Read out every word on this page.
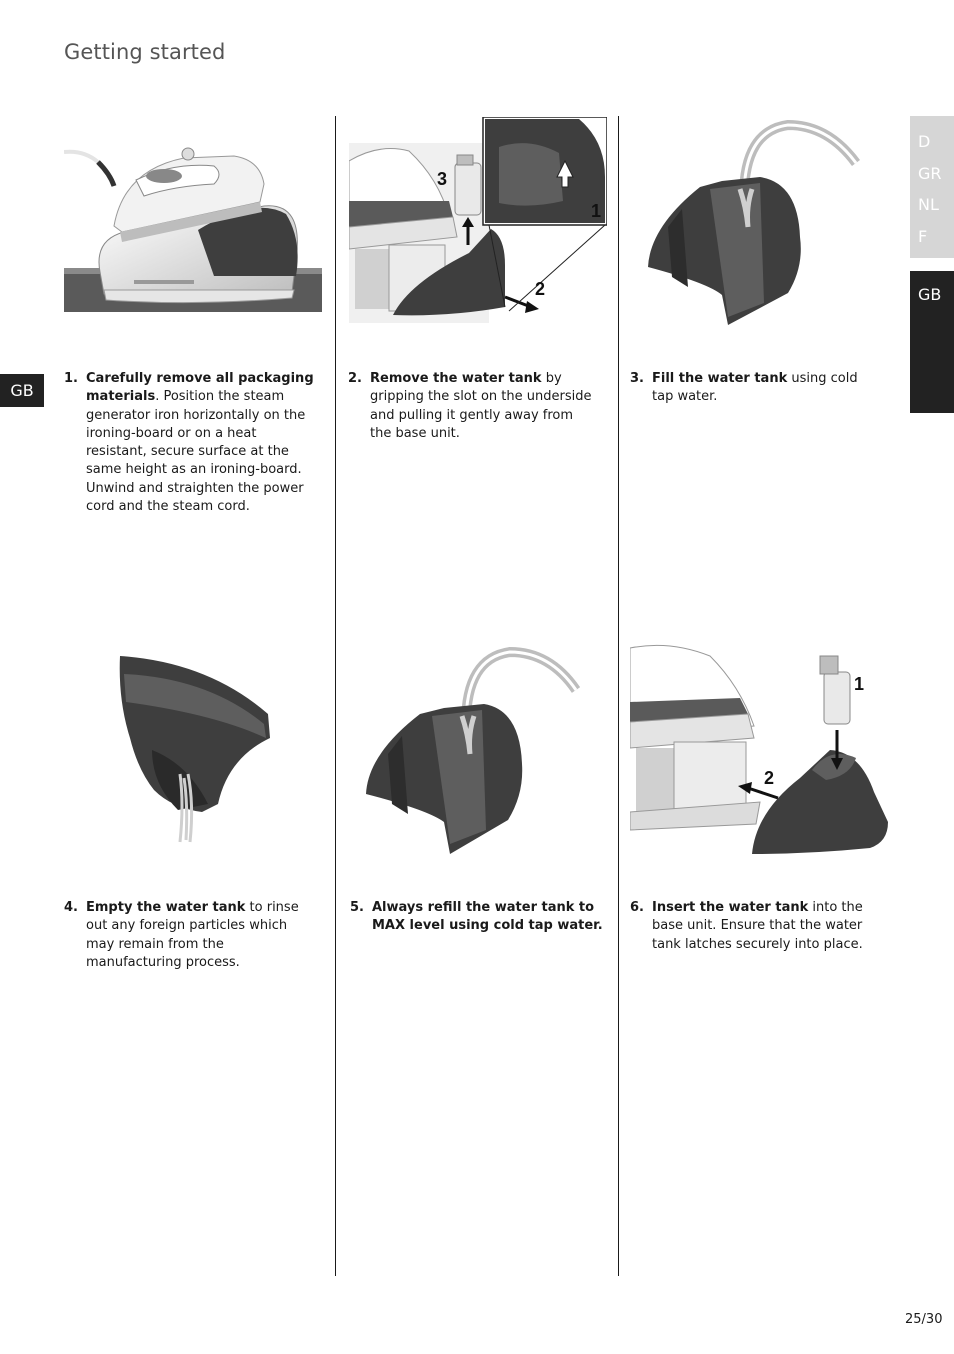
Getting started
GB
D
GR
NL
F
GB
3
1
2
1
2
1. Carefully remove all packaging materials. Position the steam generator iron horizontally on the ironing-board or on a heat resistant, secure surface at the same height as an ironing-board.
Unwind and straighten the power cord and the steam cord.
2. Remove the water tank by gripping the slot on the underside and pulling it gently away from the base unit.
3. Fill the water tank using cold tap water.
4. Empty the water tank to rinse out any foreign particles which may remain from the manufacturing process.
5. Always refill the water tank to MAX level using cold tap water.
6. Insert the water tank into the base unit. Ensure that the water tank latches securely into place.
25/30
